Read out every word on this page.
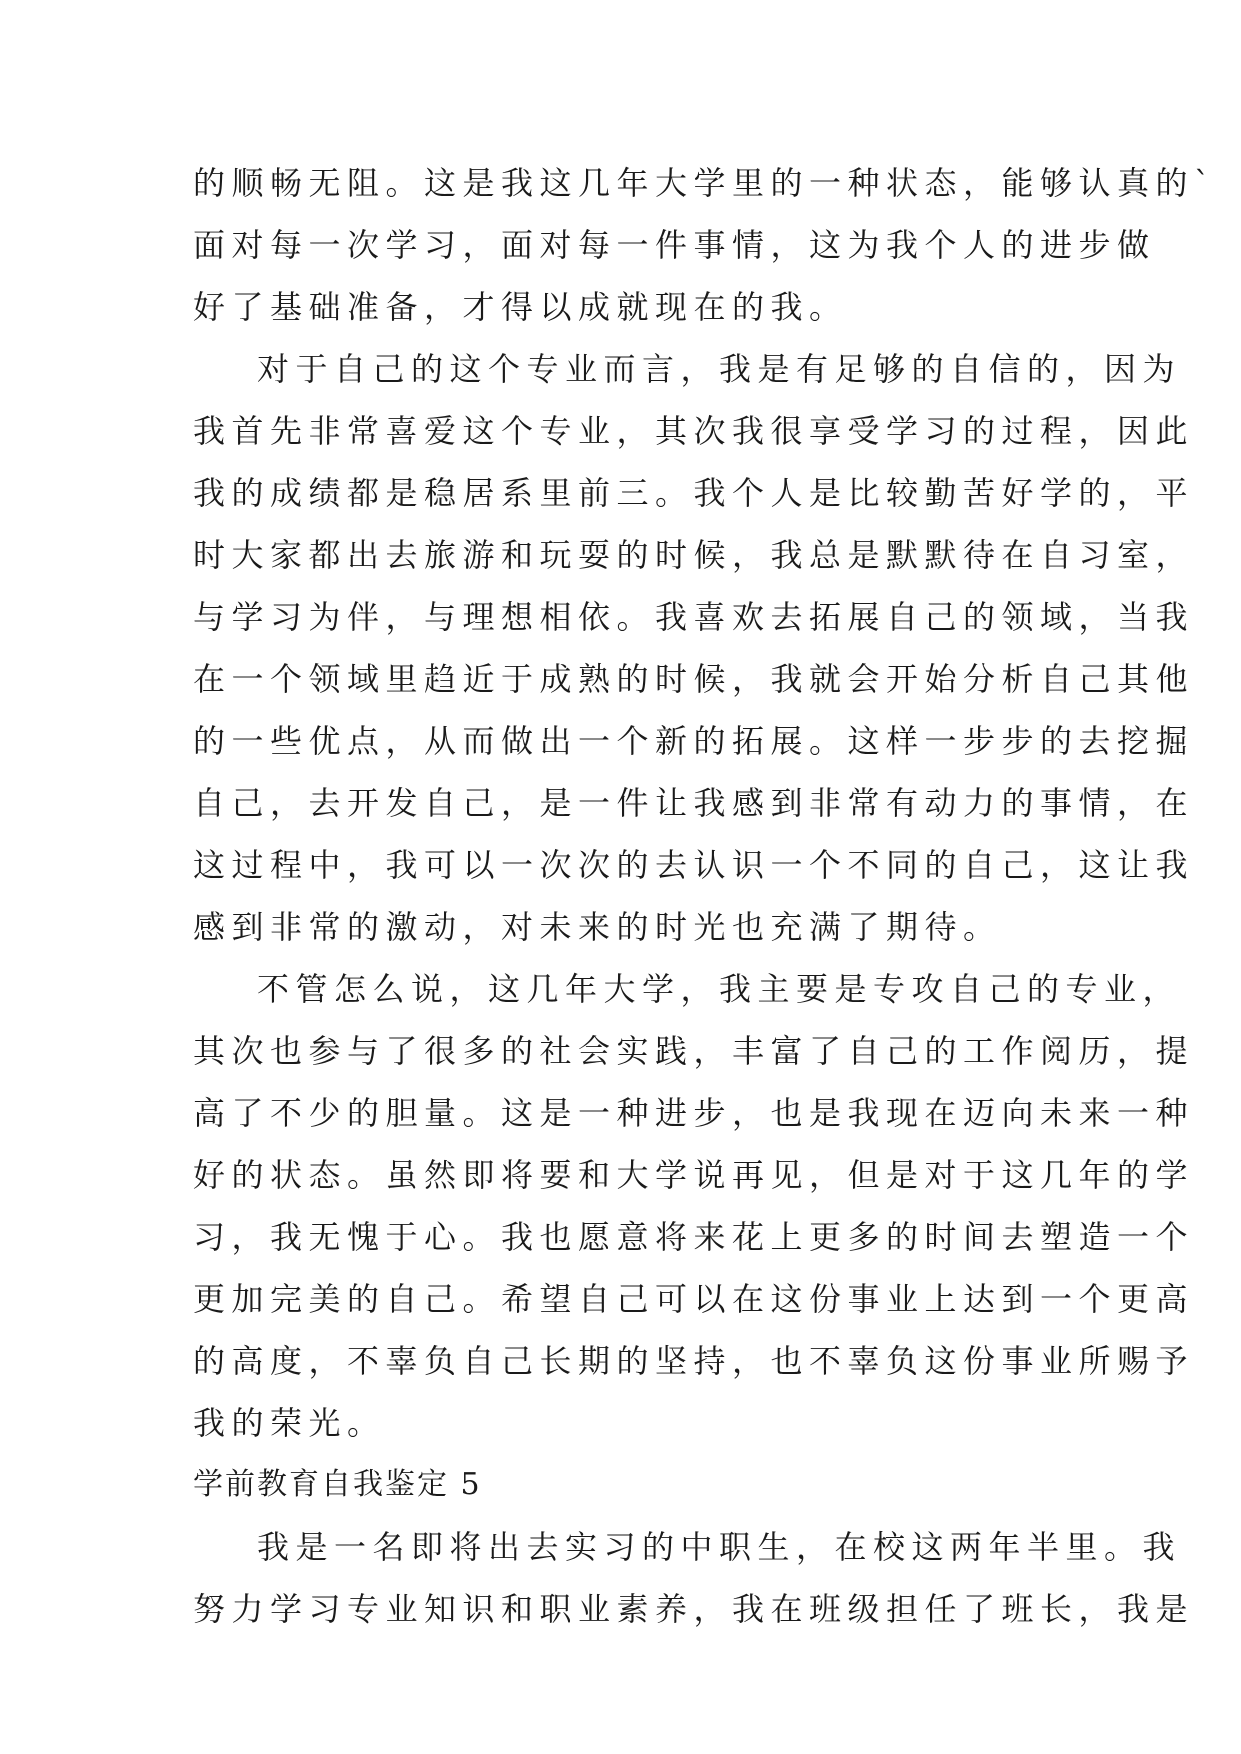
的顺畅无阻。这是我这几年大学里的一种状态，能够认真的`
面对每一次学习，面对每一件事情，这为我个人的进步做
好了基础准备，才得以成就现在的我。
对于自己的这个专业而言，我是有足够的自信的，因为
我首先非常喜爱这个专业，其次我很享受学习的过程，因此
我的成绩都是稳居系里前三。我个人是比较勤苦好学的，平
时大家都出去旅游和玩耍的时候，我总是默默待在自习室，
与学习为伴，与理想相依。我喜欢去拓展自己的领域，当我
在一个领域里趋近于成熟的时候，我就会开始分析自己其他
的一些优点，从而做出一个新的拓展。这样一步步的去挖掘
自己，去开发自己，是一件让我感到非常有动力的事情，在
这过程中，我可以一次次的去认识一个不同的自己，这让我
感到非常的激动，对未来的时光也充满了期待。
不管怎么说，这几年大学，我主要是专攻自己的专业，
其次也参与了很多的社会实践，丰富了自己的工作阅历，提
高了不少的胆量。这是一种进步，也是我现在迈向未来一种
好的状态。虽然即将要和大学说再见，但是对于这几年的学
习，我无愧于心。我也愿意将来花上更多的时间去塑造一个
更加完美的自己。希望自己可以在这份事业上达到一个更高
的高度，不辜负自己长期的坚持，也不辜负这份事业所赐予
我的荣光。
学前教育自我鉴定 5
我是一名即将出去实习的中职生，在校这两年半里。我
努力学习专业知识和职业素养，我在班级担任了班长，我是
